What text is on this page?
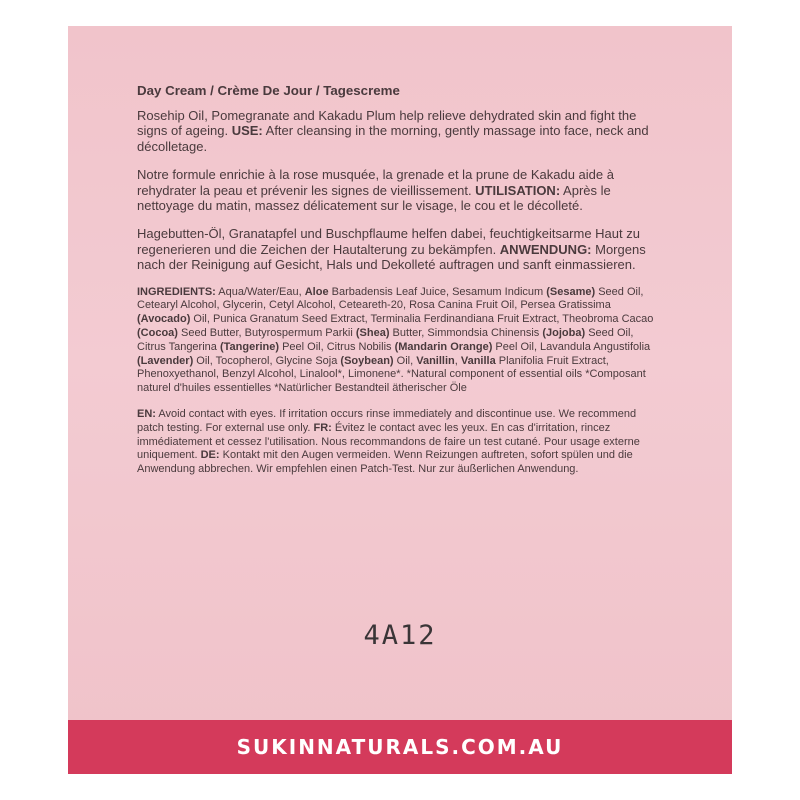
Day Cream / Crème De Jour / Tagescreme

Rosehip Oil, Pomegranate and Kakadu Plum help relieve dehydrated skin and fight the signs of ageing. USE: After cleansing in the morning, gently massage into face, neck and décolletage.

Notre formule enrichie à la rose musquée, la grenade et la prune de Kakadu aide à rehydrater la peau et prévenir les signes de vieillissement. UTILISATION: Après le nettoyage du matin, massez délicatement sur le visage, le cou et le décolleté.

Hagebutten-Öl, Granatapfel und Buschpflaume helfen dabei, feuchtigkeitsarme Haut zu regenerieren und die Zeichen der Hautalterung zu bekämpfen. ANWENDUNG: Morgens nach der Reinigung auf Gesicht, Hals und Dekolleté auftragen und sanft einmassieren.

INGREDIENTS: Aqua/Water/Eau, Aloe Barbadensis Leaf Juice, Sesamum Indicum (Sesame) Seed Oil, Cetearyl Alcohol, Glycerin, Cetyl Alcohol, Ceteareth-20, Rosa Canina Fruit Oil, Persea Gratissima (Avocado) Oil, Punica Granatum Seed Extract, Terminalia Ferdinandiana Fruit Extract, Theobroma Cacao (Cocoa) Seed Butter, Butyrospermum Parkii (Shea) Butter, Simmondsia Chinensis (Jojoba) Seed Oil, Citrus Tangerina (Tangerine) Peel Oil, Citrus Nobilis (Mandarin Orange) Peel Oil, Lavandula Angustifolia (Lavender) Oil, Tocopherol, Glycine Soja (Soybean) Oil, Vanillin, Vanilla Planifolia Fruit Extract, Phenoxyethanol, Benzyl Alcohol, Linalool*, Limonene*. *Natural component of essential oils *Composant naturel d'huiles essentielles *Natürlicher Bestandteil ätherischer Öle

EN: Avoid contact with eyes. If irritation occurs rinse immediately and discontinue use. We recommend patch testing. For external use only. FR: Évitez le contact avec les yeux. En cas d'irritation, rincez immédiatement et cessez l'utilisation. Nous recommandons de faire un test cutané. Pour usage externe uniquement. DE: Kontakt mit den Augen vermeiden. Wenn Reizungen auftreten, sofort spülen und die Anwendung abbrechen. Wir empfehlen einen Patch-Test. Nur zur äußerlichen Anwendung.

4A12
SUKINNATURALS.COM.AU
